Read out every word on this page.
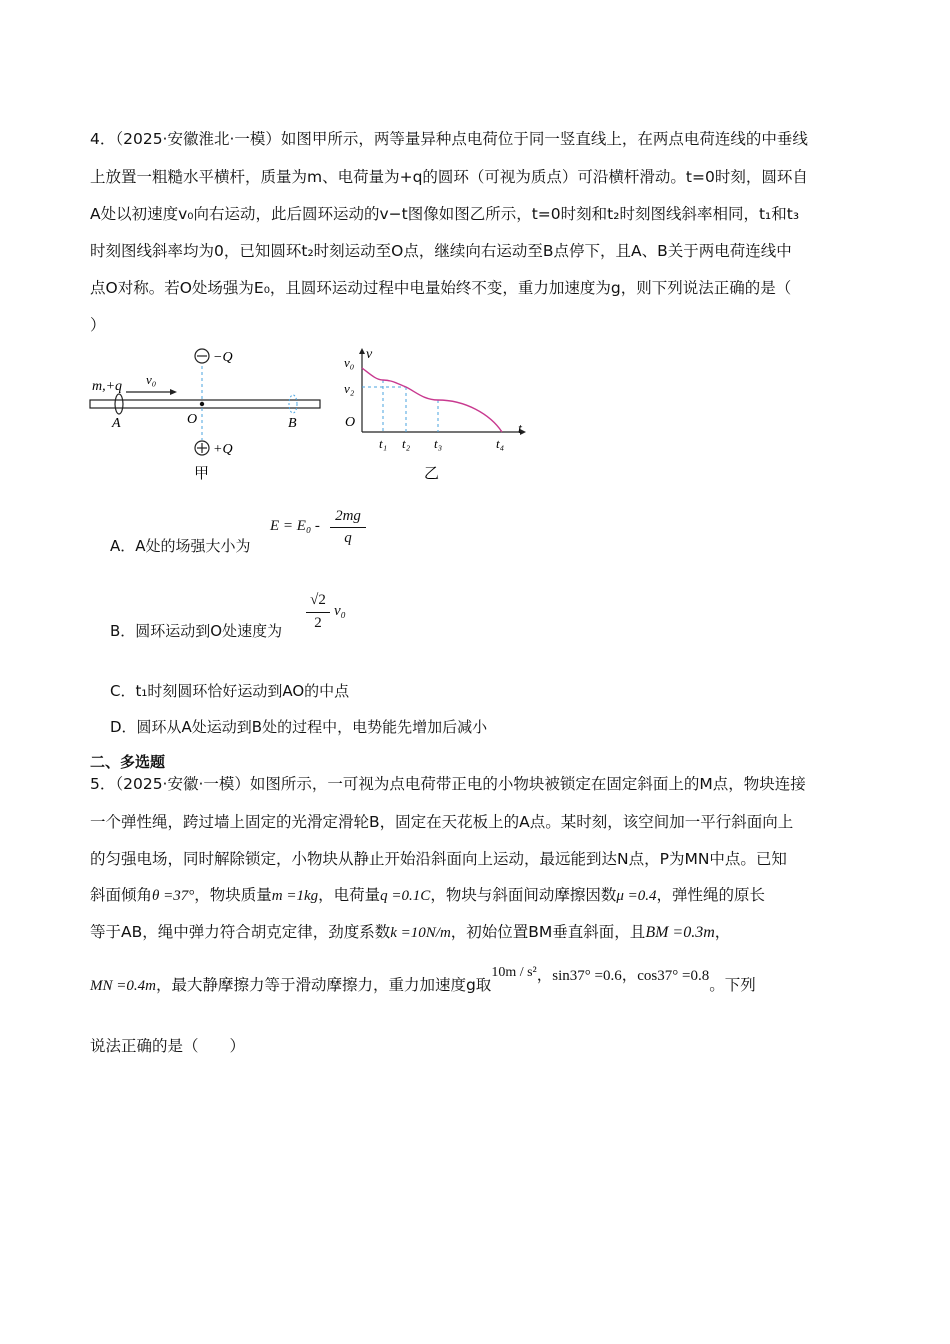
4．（2025·安徽淮北·一模）如图甲所示，两等量异种点电荷位于同一竖直线上，在两点电荷连线的中垂线
上放置一粗糙水平横杆，质量为m、电荷量为+q的圆环（可视为质点）可沿横杆滑动。t=0时刻，圆环自
A处以初速度v₀向右运动，此后圆环运动的v−t图像如图乙所示，t=0时刻和t₂时刻图线斜率相同，t₁和t₃
时刻图线斜率均为0，已知圆环t₂时刻运动至O点，继续向右运动至B点停下，且A、B关于两电荷连线中
点O对称。若O处场强为E₀，且圆环运动过程中电量始终不变，重力加速度为g，则下列说法正确的是（
）
−Q
+Q
m,+q v₀
A	O	B
甲
v
t
v₀
v₂
O
t₁ t₂ t₃	t₄
乙
A．A处的场强大小为
E = E₀ -
2mg
q
B．圆环运动到O处速度为
√2
2
v₀
C．t₁时刻圆环恰好运动到AO的中点
D．圆环从A处运动到B处的过程中，电势能先增加后减小
二、多选题
5．（2025·安徽·一模）如图所示，一可视为点电荷带正电的小物块被锁定在固定斜面上的M点，物块连接
一个弹性绳，跨过墙上固定的光滑定滑轮B，固定在天花板上的A点。某时刻，该空间加一平行斜面向上
的匀强电场，同时解除锁定，小物块从静止开始沿斜面向上运动，最远能到达N点，P为MN中点。已知
斜面倾角θ =37°，物块质量m =1kg，电荷量q =0.1C，物块与斜面间动摩擦因数μ =0.4，弹性绳的原长
等于AB，绳中弹力符合胡克定律，劲度系数k =10N/m，初始位置BM垂直斜面，且BM =0.3m，
MN =0.4m，最大静摩擦力等于滑动摩擦力，重力加速度g取10m / s²，sin37° =0.6，cos37° =0.8。下列
说法正确的是（　　）
